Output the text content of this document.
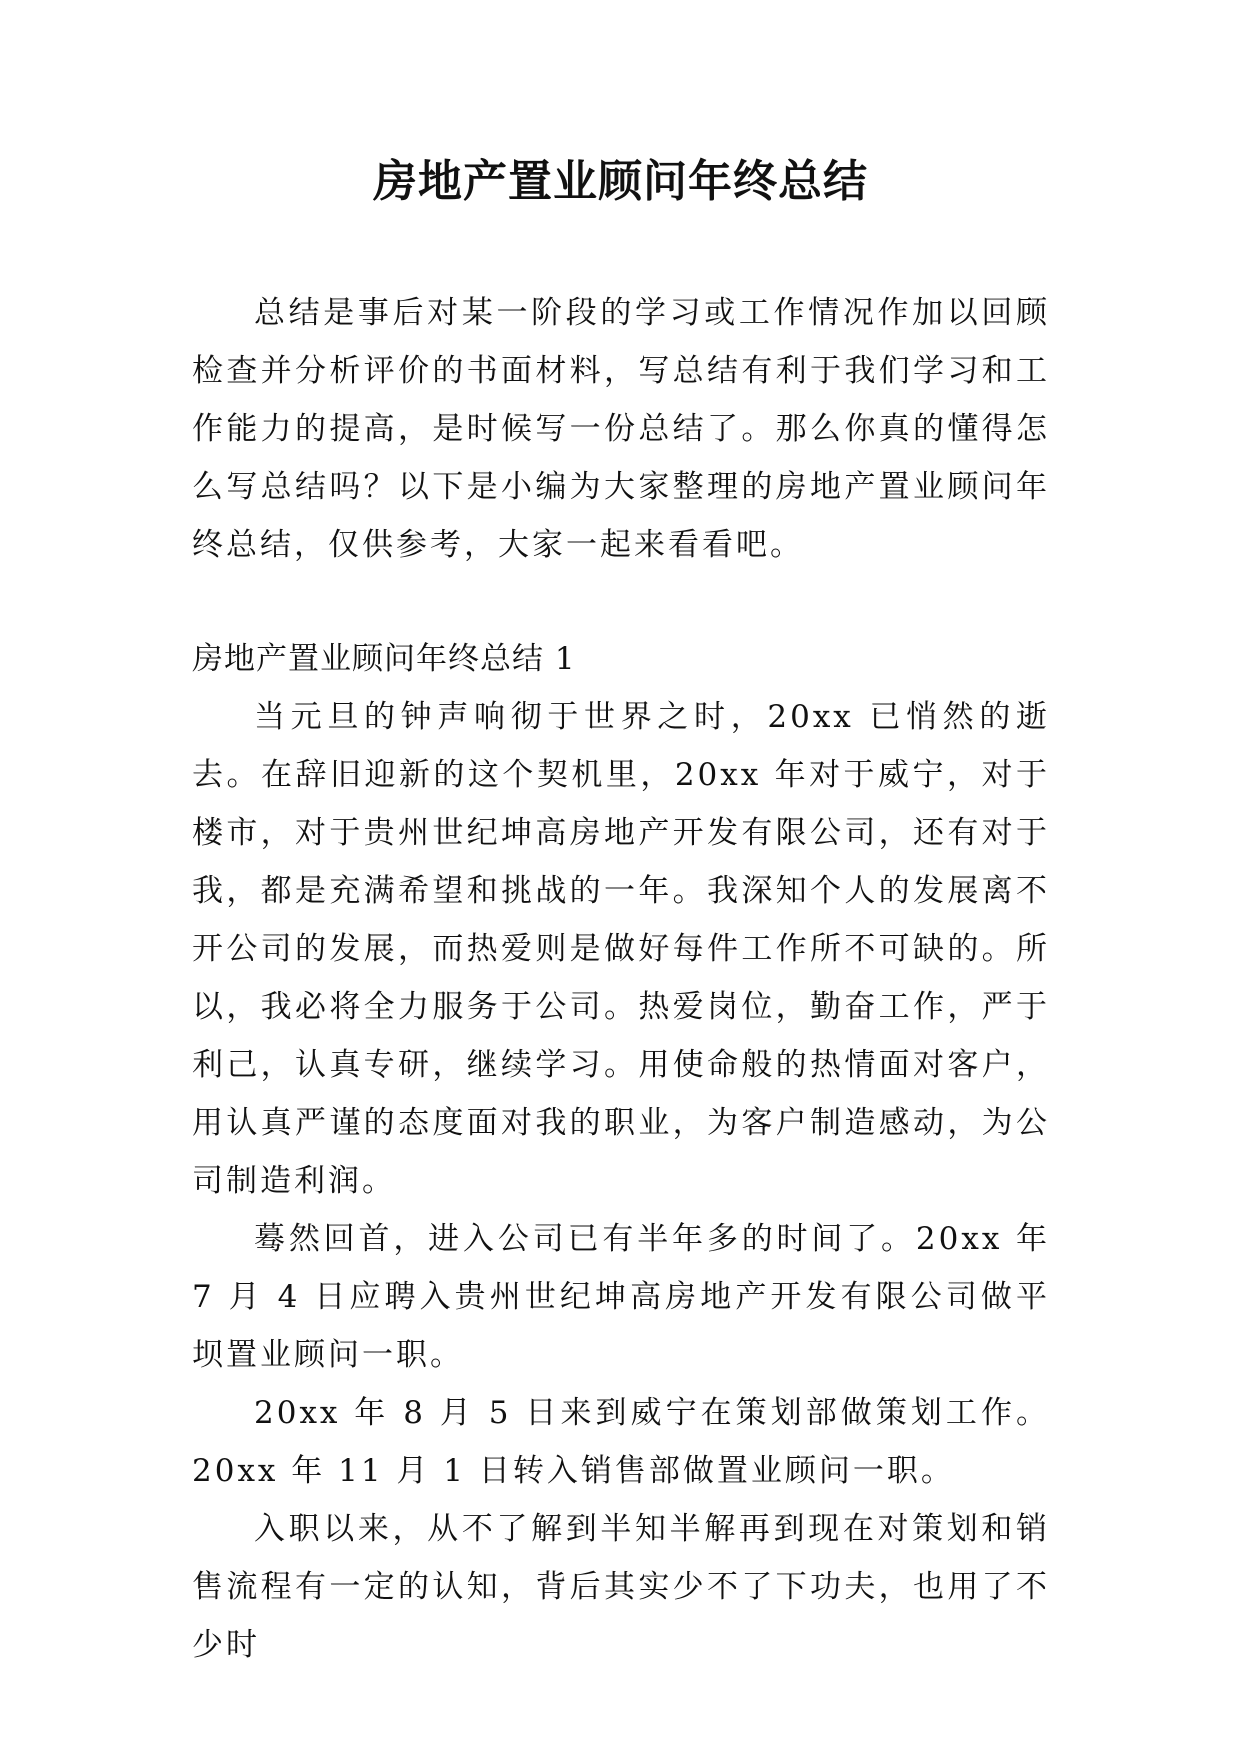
房地产置业顾问年终总结

总结是事后对某一阶段的学习或工作情况作加以回顾检查并分析评价的书面材料，写总结有利于我们学习和工作能力的提高，是时候写一份总结了。那么你真的懂得怎么写总结吗？以下是小编为大家整理的房地产置业顾问年终总结，仅供参考，大家一起来看看吧。

房地产置业顾问年终总结 1

当元旦的钟声响彻于世界之时，20xx 已悄然的逝去。在辞旧迎新的这个契机里，20xx 年对于威宁，对于楼市，对于贵州世纪坤高房地产开发有限公司，还有对于我，都是充满希望和挑战的一年。我深知个人的发展离不开公司的发展，而热爱则是做好每件工作所不可缺的。所以，我必将全力服务于公司。热爱岗位，勤奋工作，严于利己，认真专研，继续学习。用使命般的热情面对客户，用认真严谨的态度面对我的职业，为客户制造感动，为公司制造利润。

蓦然回首，进入公司已有半年多的时间了。20xx 年 7 月 4 日应聘入贵州世纪坤高房地产开发有限公司做平坝置业顾问一职。

20xx 年 8 月 5 日来到威宁在策划部做策划工作。20xx 年 11 月 1 日转入销售部做置业顾问一职。

入职以来，从不了解到半知半解再到现在对策划和销售流程有一定的认知，背后其实少不了下功夫，也用了不少时
